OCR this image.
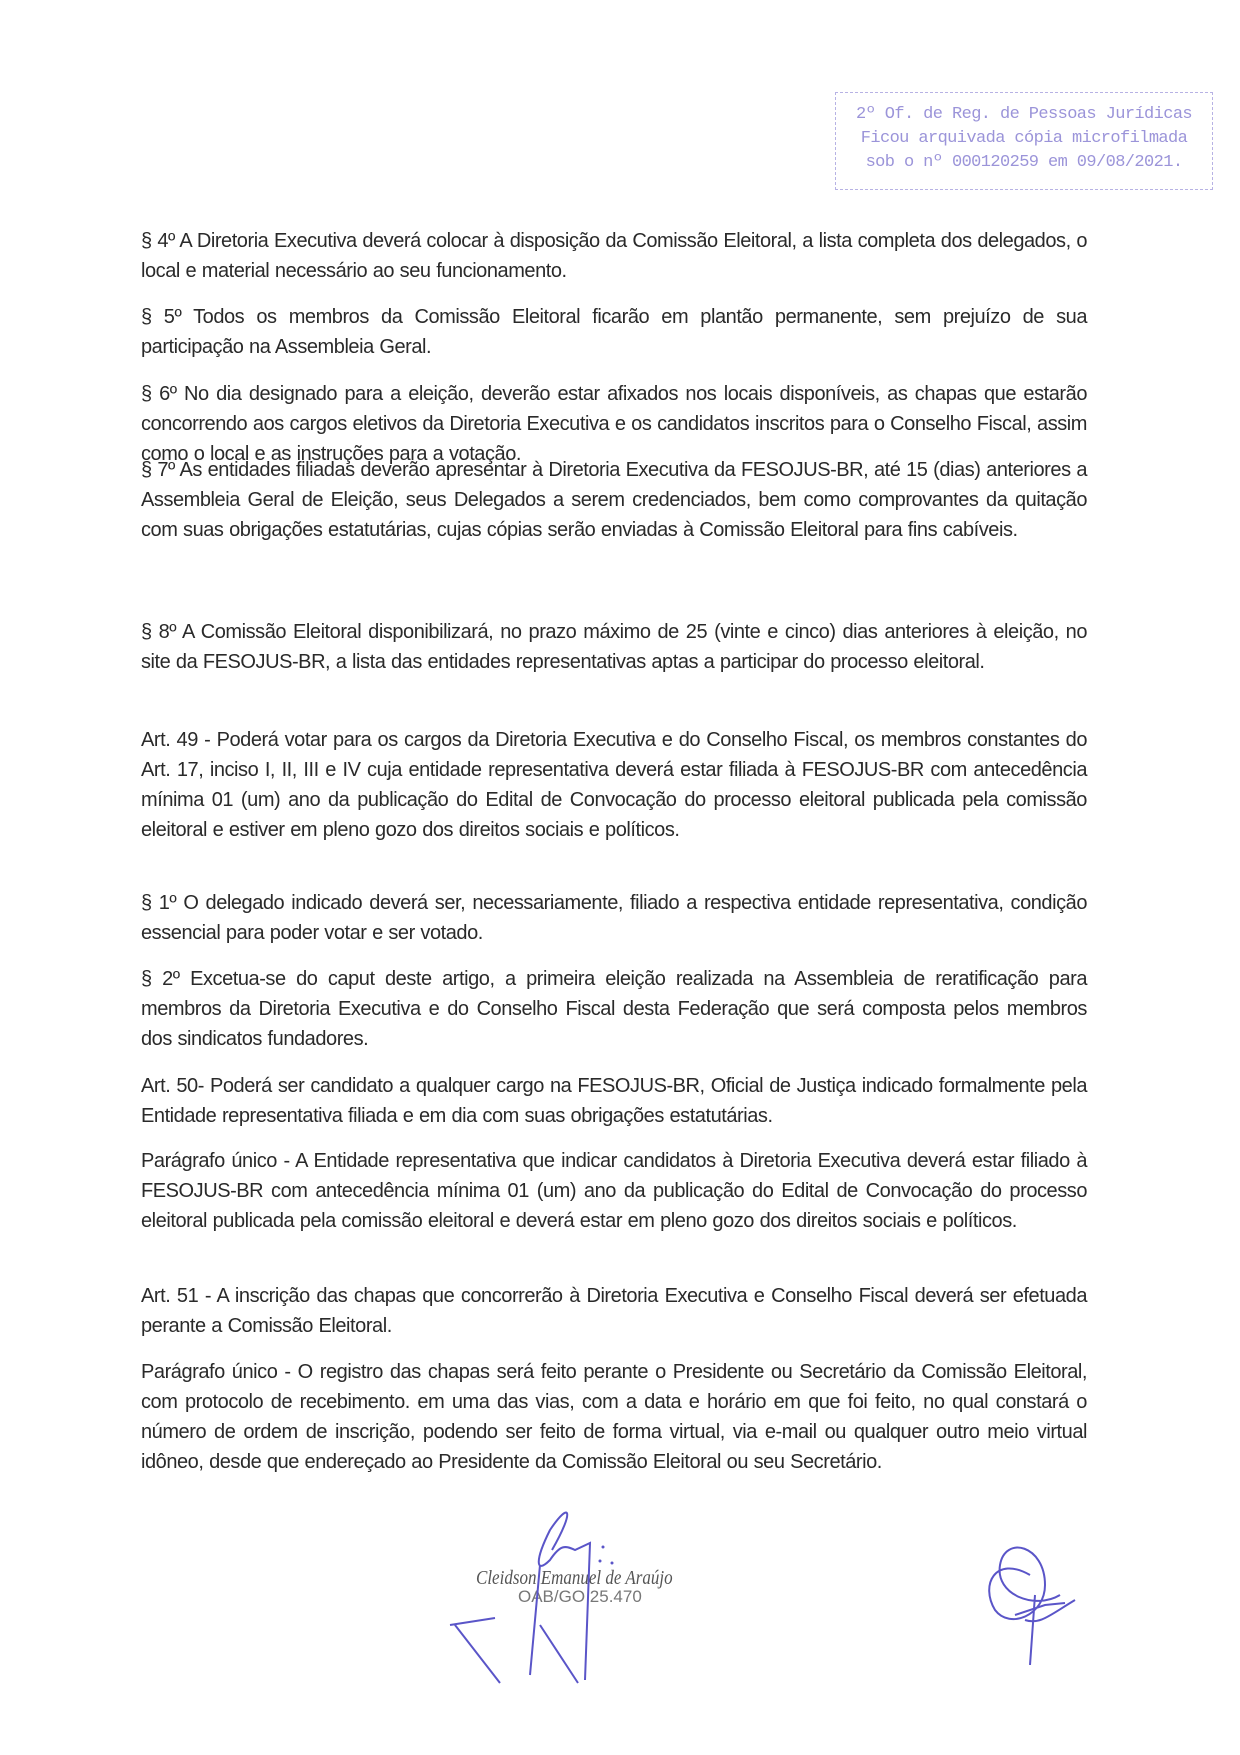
2º Of. de Reg. de Pessoas Jurídicas
Ficou arquivada cópia microfilmada
sob o nº 000120259 em 09/08/2021.

§ 4º A Diretoria Executiva deverá colocar à disposição da Comissão Eleitoral, a lista completa dos delegados, o local e material necessário ao seu funcionamento.

§ 5º Todos os membros da Comissão Eleitoral ficarão em plantão permanente, sem prejuízo de sua participação na Assembleia Geral.

§ 6º No dia designado para a eleição, deverão estar afixados nos locais disponíveis, as chapas que estarão concorrendo aos cargos eletivos da Diretoria Executiva e os candidatos inscritos para o Conselho Fiscal, assim como o local e as instruções para a votação.

§ 7º As entidades filiadas deverão apresentar à Diretoria Executiva da FESOJUS-BR, até 15 (dias) anteriores a Assembleia Geral de Eleição, seus Delegados a serem credenciados, bem como comprovantes da quitação com suas obrigações estatutárias, cujas cópias serão enviadas à Comissão Eleitoral para fins cabíveis.

§ 8º A Comissão Eleitoral disponibilizará, no prazo máximo de 25 (vinte e cinco) dias anteriores à eleição, no site da FESOJUS-BR, a lista das entidades representativas aptas a participar do processo eleitoral.

Art. 49 - Poderá votar para os cargos da Diretoria Executiva e do Conselho Fiscal, os membros constantes do Art. 17, inciso I, II, III e IV cuja entidade representativa deverá estar filiada à FESOJUS-BR com antecedência mínima 01 (um) ano da publicação do Edital de Convocação do processo eleitoral publicada pela comissão eleitoral e estiver em pleno gozo dos direitos sociais e políticos.

§ 1º O delegado indicado deverá ser, necessariamente, filiado a respectiva entidade representativa, condição essencial para poder votar e ser votado.

§ 2º Excetua-se do caput deste artigo, a primeira eleição realizada na Assembleia de reratificação para membros da Diretoria Executiva e do Conselho Fiscal desta Federação que será composta pelos membros dos sindicatos fundadores.

Art. 50- Poderá ser candidato a qualquer cargo na FESOJUS-BR, Oficial de Justiça indicado formalmente pela Entidade representativa filiada e em dia com suas obrigações estatutárias.

Parágrafo único - A Entidade representativa que indicar candidatos à Diretoria Executiva deverá estar filiado à FESOJUS-BR com antecedência mínima 01 (um) ano da publicação do Edital de Convocação do processo eleitoral publicada pela comissão eleitoral e deverá estar em pleno gozo dos direitos sociais e políticos.

Art. 51 - A inscrição das chapas que concorrerão à Diretoria Executiva e Conselho Fiscal deverá ser efetuada perante a Comissão Eleitoral.

Parágrafo único - O registro das chapas será feito perante o Presidente ou Secretário da Comissão Eleitoral, com protocolo de recebimento. em uma das vias, com a data e horário em que foi feito, no qual constará o número de ordem de inscrição, podendo ser feito de forma virtual, via e-mail ou qualquer outro meio virtual idôneo, desde que endereçado ao Presidente da Comissão Eleitoral ou seu Secretário.

Cleidson Emanuel de Araújo
OAB/GO 25.470
